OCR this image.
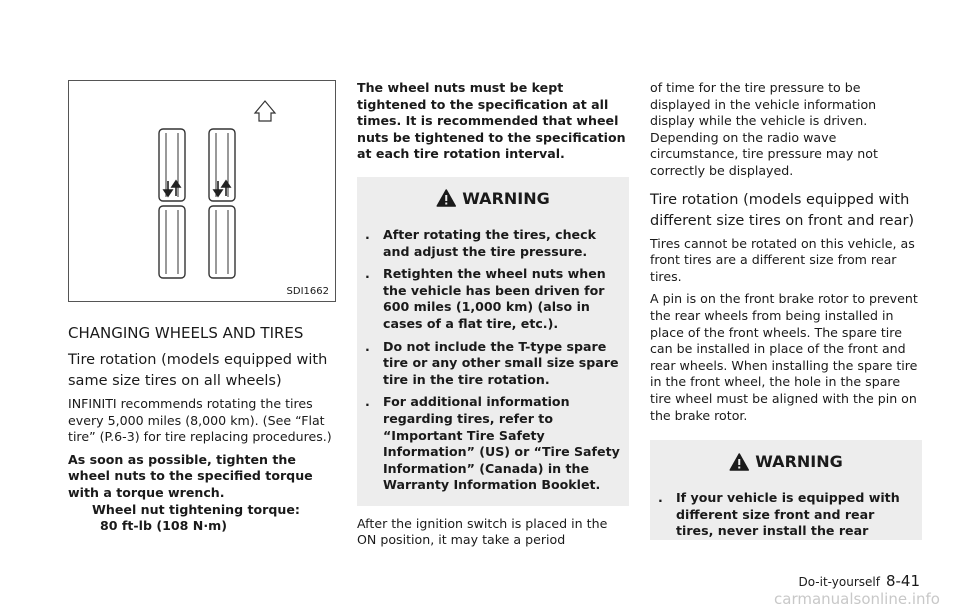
SDI1662
CHANGING WHEELS AND TIRES
Tire rotation (models equipped with same size tires on all wheels)

INFINITI recommends rotating the tires every 5,000 miles (8,000 km). (See “Flat tire” (P.6-3) for tire replacing procedures.)

As soon as possible, tighten the wheel nuts to the specified torque with a torque wrench.

Wheel nut tightening torque:

80 ft-lb (108 N·m)

The wheel nuts must be kept tightened to the specification at all times. It is recommended that wheel nuts be tightened to the specification at each tire rotation interval.

WARNING
.	After rotating the tires, check and adjust the tire pressure.

.	Retighten the wheel nuts when the vehicle has been driven for 600 miles (1,000 km) (also in cases of a flat tire, etc.).

.	Do not include the T-type spare tire or any other small size spare tire in the tire rotation.

.	For additional information regarding tires, refer to “Important Tire Safety Information” (US) or “Tire Safety Information” (Canada) in the Warranty Information Booklet.

After the ignition switch is placed in the ON position, it may take a period

of time for the tire pressure to be displayed in the vehicle information display while the vehicle is driven. Depending on the radio wave circumstance, tire pressure may not correctly be displayed.

Tire rotation (models equipped with different size tires on front and rear)

Tires cannot be rotated on this vehicle, as front tires are a different size from rear tires.

A pin is on the front brake rotor to prevent the rear wheels from being installed in place of the front wheels. The spare tire can be installed in place of the front and rear wheels. When installing the spare tire in the front wheel, the hole in the spare tire wheel must be aligned with the pin on the brake rotor.

WARNING
.	If your vehicle is equipped with different size front and rear tires, never install the rear

Do-it-yourself 8-41
carmanualsonline.info
